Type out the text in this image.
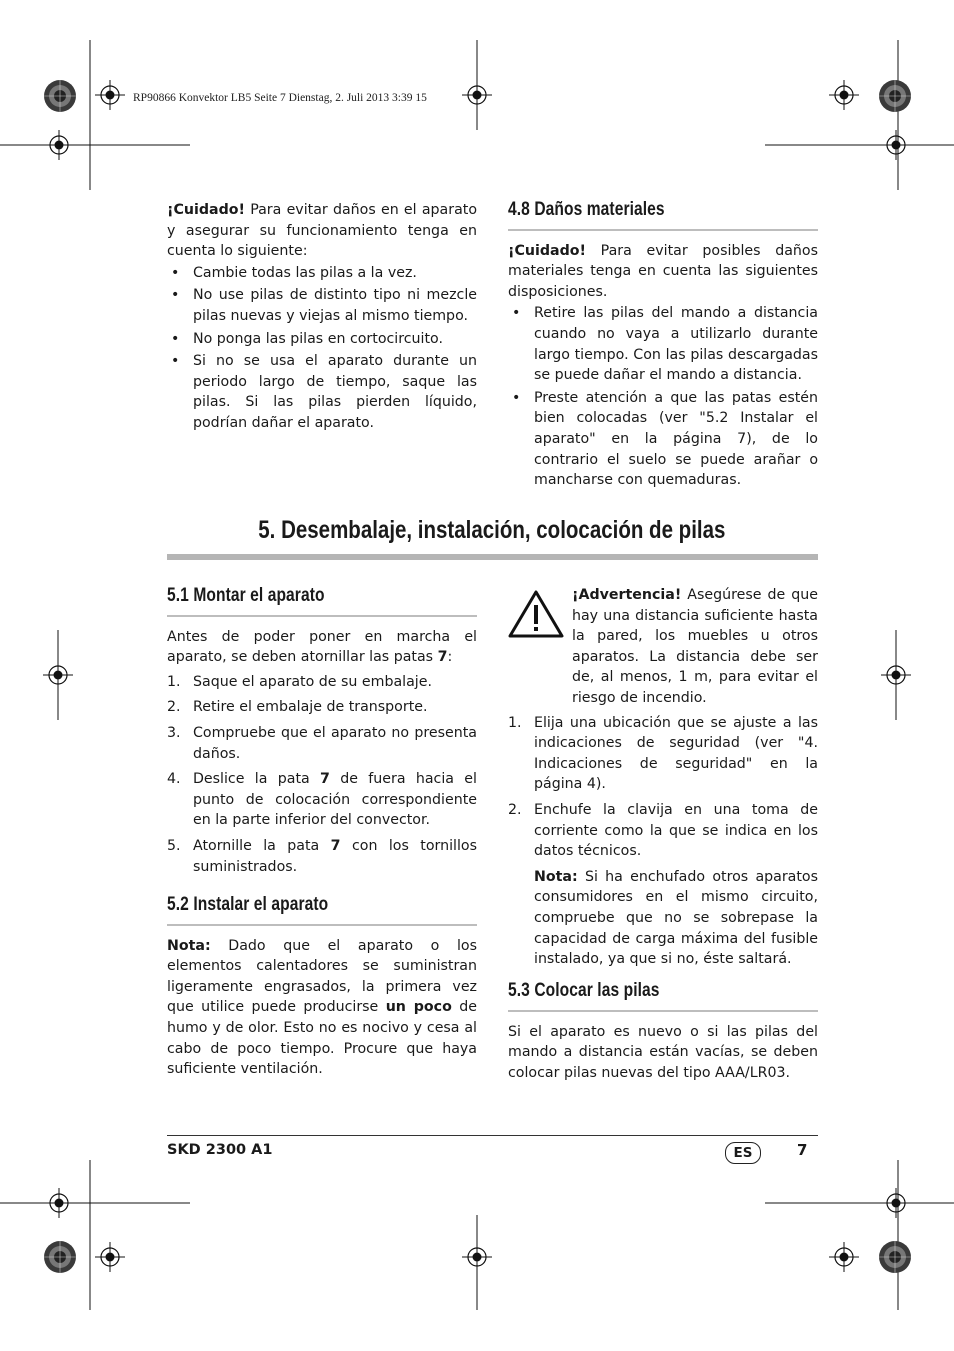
RP90866 Konvektor LB5 Seite 7 Dienstag, 2. Juli 2013 3:39 15

¡Cuidado! Para evitar daños en el aparato y asegurar su funcionamiento tenga en cuenta lo siguiente:

• Cambie todas las pilas a la vez.
• No use pilas de distinto tipo ni mezcle pilas nuevas y viejas al mismo tiempo.
• No ponga las pilas en cortocircuito.
• Si no se usa el aparato durante un periodo largo de tiempo, saque las pilas. Si las pilas pierden líquido, podrían dañar el aparato.
4.8 Daños materiales

¡Cuidado! Para evitar posibles daños materiales tenga en cuenta las siguientes disposiciones.

• Retire las pilas del mando a distancia cuando no vaya a utilizarlo durante largo tiempo. Con las pilas descargadas se puede dañar el mando a distancia.
• Preste atención a que las patas estén bien colocadas (ver "5.2 Instalar el aparato" en la página 7), de lo contrario el suelo se puede arañar o mancharse con quemaduras.
5. Desembalaje, instalación, colocación de pilas
5.1 Montar el aparato

Antes de poder poner en marcha el aparato, se deben atornillar las patas 7:

1. Saque el aparato de su embalaje.
2. Retire el embalaje de transporte.
3. Compruebe que el aparato no presenta daños.
4. Deslice la pata 7 de fuera hacia el punto de colocación correspondiente en la parte inferior del convector.
5. Atornille la pata 7 con los tornillos suministrados.
5.2 Instalar el aparato

Nota: Dado que el aparato o los elementos calentadores se suministran ligeramente engrasados, la primera vez que utilice puede producirse un poco de humo y de olor. Esto no es nocivo y cesa al cabo de poco tiempo. Procure que haya suficiente ventilación.

¡Advertencia! Asegúrese de que hay una distancia suficiente hasta la pared, los muebles u otros aparatos. La distancia debe ser de, al menos, 1 m, para evitar el riesgo de incendio.
1. Elija una ubicación que se ajuste a las indicaciones de seguridad (ver "4. Indicaciones de seguridad" en la página 4).
2. Enchufe la clavija en una toma de corriente como la que se indica en los datos técnicos.

Nota: Si ha enchufado otros aparatos consumidores en el mismo circuito, compruebe que no se sobrepase la capacidad de carga máxima del fusible instalado, ya que si no, éste saltará.

5.3 Colocar las pilas

Si el aparato es nuevo o si las pilas del mando a distancia están vacías, se deben colocar pilas nuevas del tipo AAA/LR03.

SKD 2300 A1	ES	7
